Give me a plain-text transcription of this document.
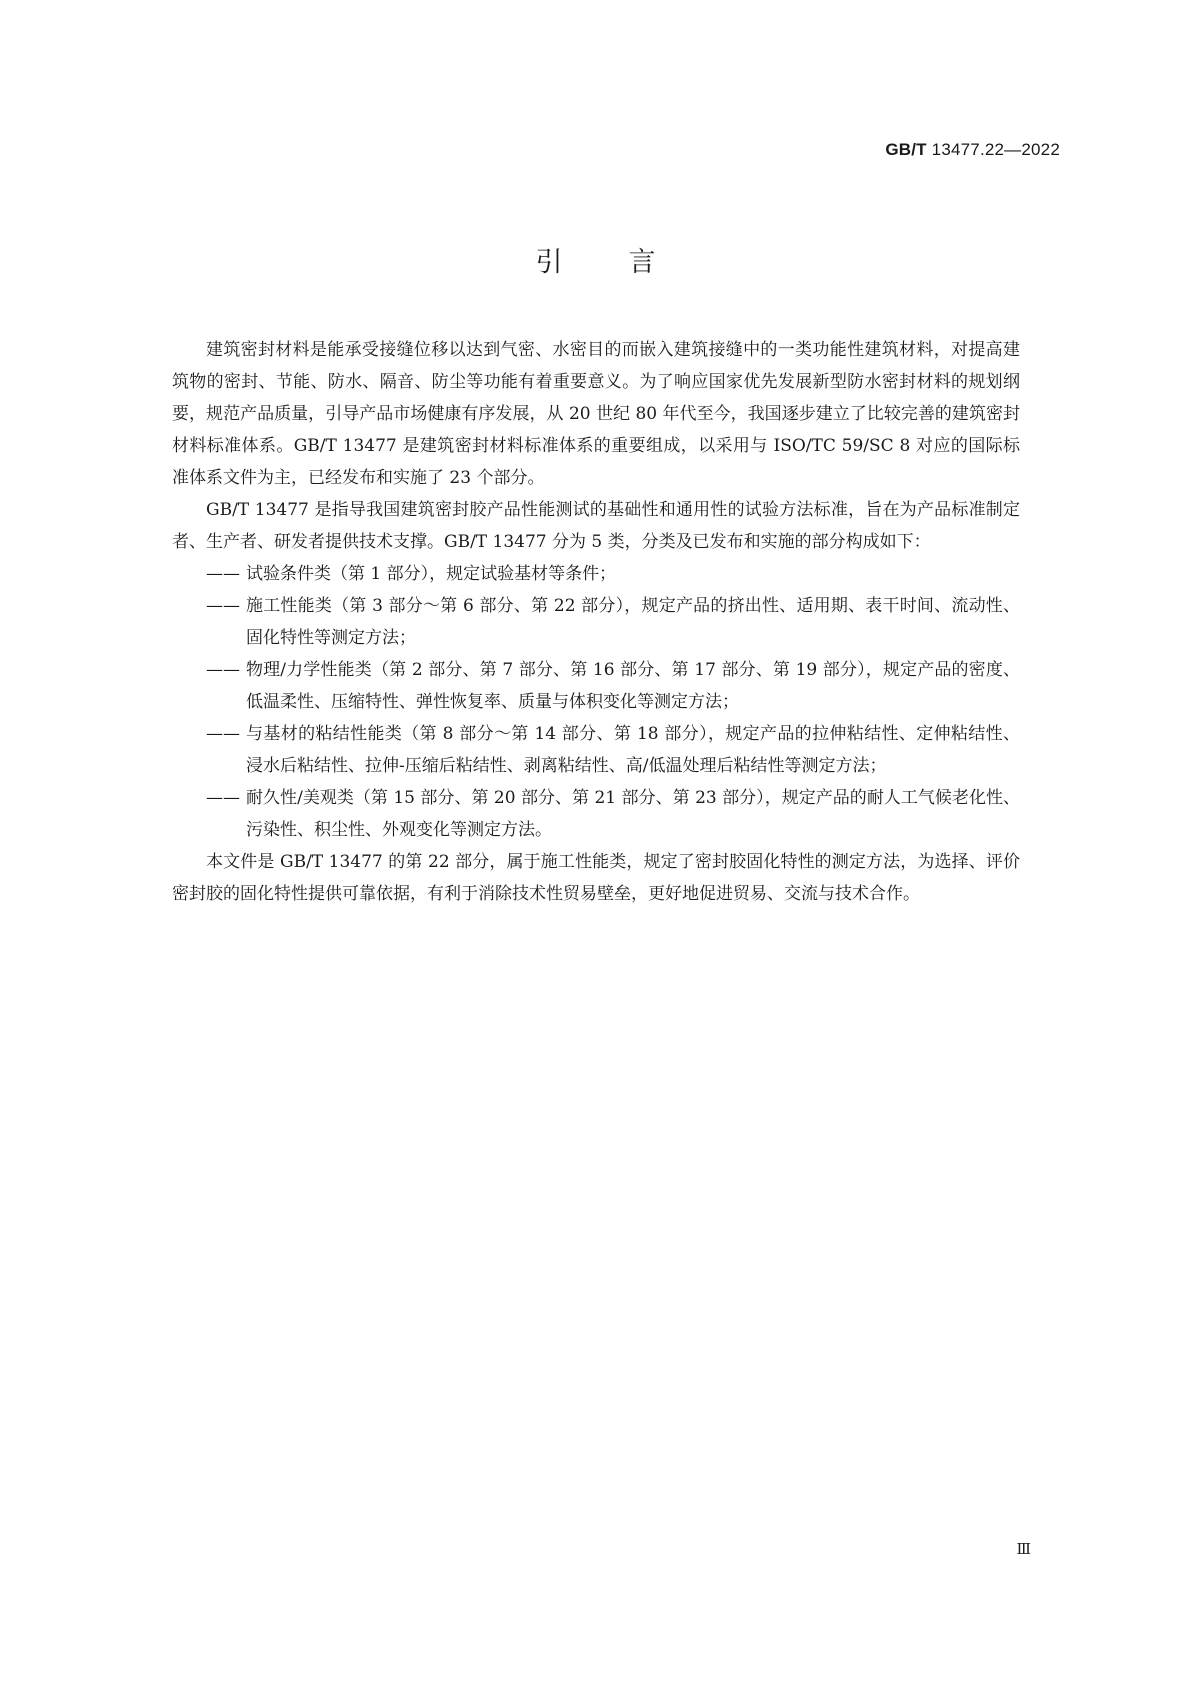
GB/T 13477.22—2022
引 言

建筑密封材料是能承受接缝位移以达到气密、水密目的而嵌入建筑接缝中的一类功能性建筑材料，对提高建筑物的密封、节能、防水、隔音、防尘等功能有着重要意义。为了响应国家优先发展新型防水密封材料的规划纲要，规范产品质量，引导产品市场健康有序发展，从 20 世纪 80 年代至今，我国逐步建立了比较完善的建筑密封材料标准体系。GB/T 13477 是建筑密封材料标准体系的重要组成，以采用与 ISO/TC 59/SC 8 对应的国际标准体系文件为主，已经发布和实施了 23 个部分。

GB/T 13477 是指导我国建筑密封胶产品性能测试的基础性和通用性的试验方法标准，旨在为产品标准制定者、生产者、研发者提供技术支撑。GB/T 13477 分为 5 类，分类及已发布和实施的部分构成如下：

—— 试验条件类（第 1 部分），规定试验基材等条件；
—— 施工性能类（第 3 部分～第 6 部分、第 22 部分），规定产品的挤出性、适用期、表干时间、流动性、固化特性等测定方法；
—— 物理/力学性能类（第 2 部分、第 7 部分、第 16 部分、第 17 部分、第 19 部分），规定产品的密度、低温柔性、压缩特性、弹性恢复率、质量与体积变化等测定方法；
—— 与基材的粘结性能类（第 8 部分～第 14 部分、第 18 部分），规定产品的拉伸粘结性、定伸粘结性、浸水后粘结性、拉伸-压缩后粘结性、剥离粘结性、高/低温处理后粘结性等测定方法；
—— 耐久性/美观类（第 15 部分、第 20 部分、第 21 部分、第 23 部分），规定产品的耐人工气候老化性、污染性、积尘性、外观变化等测定方法。

本文件是 GB/T 13477 的第 22 部分，属于施工性能类，规定了密封胶固化特性的测定方法，为选择、评价密封胶的固化特性提供可靠依据，有利于消除技术性贸易壁垒，更好地促进贸易、交流与技术合作。

Ⅲ
